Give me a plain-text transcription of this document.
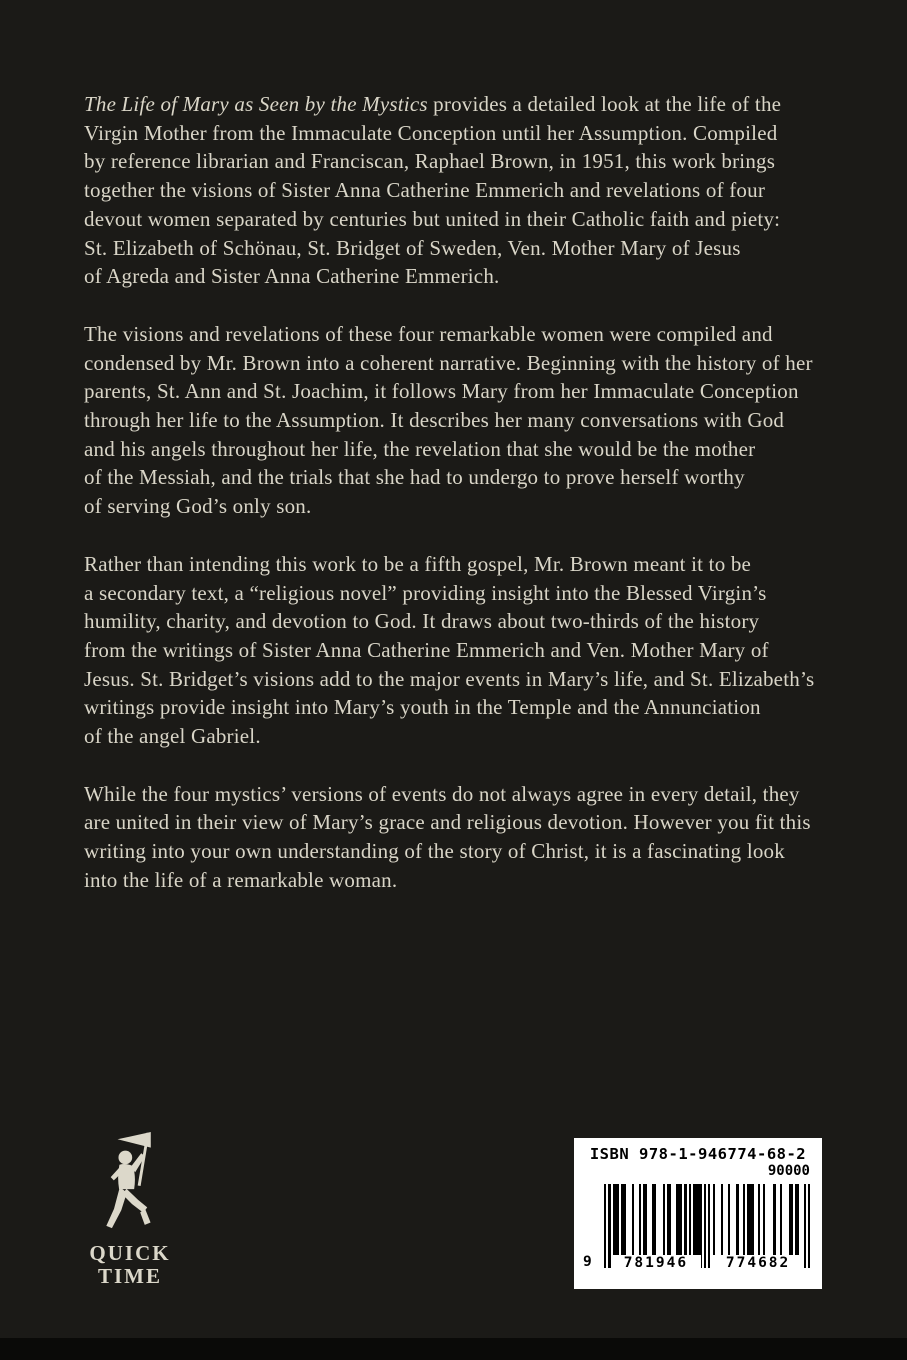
The Life of Mary as Seen by the Mystics provides a detailed look at the life of the
Virgin Mother from the Immaculate Conception until her Assumption. Compiled
by reference librarian and Franciscan, Raphael Brown, in 1951, this work brings
together the visions of Sister Anna Catherine Emmerich and revelations of four
devout women separated by centuries but united in their Catholic faith and piety:
St. Elizabeth of Schönau, St. Bridget of Sweden, Ven. Mother Mary of Jesus
of Agreda and Sister Anna Catherine Emmerich.
The visions and revelations of these four remarkable women were compiled and
condensed by Mr. Brown into a coherent narrative. Beginning with the history of her
parents, St. Ann and St. Joachim, it follows Mary from her Immaculate Conception
through her life to the Assumption. It describes her many conversations with God
and his angels throughout her life, the revelation that she would be the mother
of the Messiah, and the trials that she had to undergo to prove herself worthy
of serving God’s only son.
Rather than intending this work to be a fifth gospel, Mr. Brown meant it to be
a secondary text, a “religious novel” providing insight into the Blessed Virgin’s
humility, charity, and devotion to God. It draws about two-thirds of the history
from the writings of Sister Anna Catherine Emmerich and Ven. Mother Mary of
Jesus. St. Bridget’s visions add to the major events in Mary’s life, and St. Elizabeth’s
writings provide insight into Mary’s youth in the Temple and the Annunciation
of the angel Gabriel.
While the four mystics’ versions of events do not always agree in every detail, they
are united in their view of Mary’s grace and religious devotion. However you fit this
writing into your own understanding of the story of Christ, it is a fascinating look
into the life of a remarkable woman.
QUICK
TIME
ISBN 978-1-946774-68-2
90000
9	781946	774682
